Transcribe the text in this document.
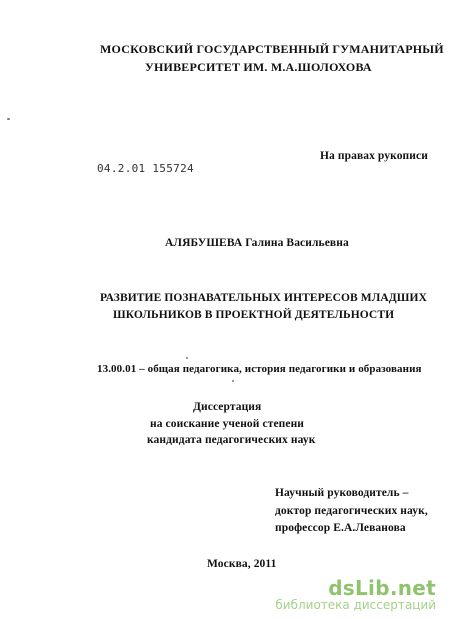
МОСКОВСКИЙ ГОСУДАРСТВЕННЫЙ ГУМАНИТАРНЫЙ
УНИВЕРСИТЕТ ИМ. М.А.ШОЛОХОВА
04.2.01 155724
На правах рукописи
АЛЯБУШЕВА Галина Васильевна
РАЗВИТИЕ ПОЗНАВАТЕЛЬНЫХ ИНТЕРЕСОВ МЛАДШИХ
ШКОЛЬНИКОВ В ПРОЕКТНОЙ ДЕЯТЕЛЬНОСТИ
13.00.01 – общая педагогика, история педагогики и образования
Диссертация
на соискание ученой степени
кандидата педагогических наук
Научный руководитель –
доктор педагогических наук,
профессор Е.А.Леванова
Москва, 2011
dsLib.net
библиотека диссертаций
